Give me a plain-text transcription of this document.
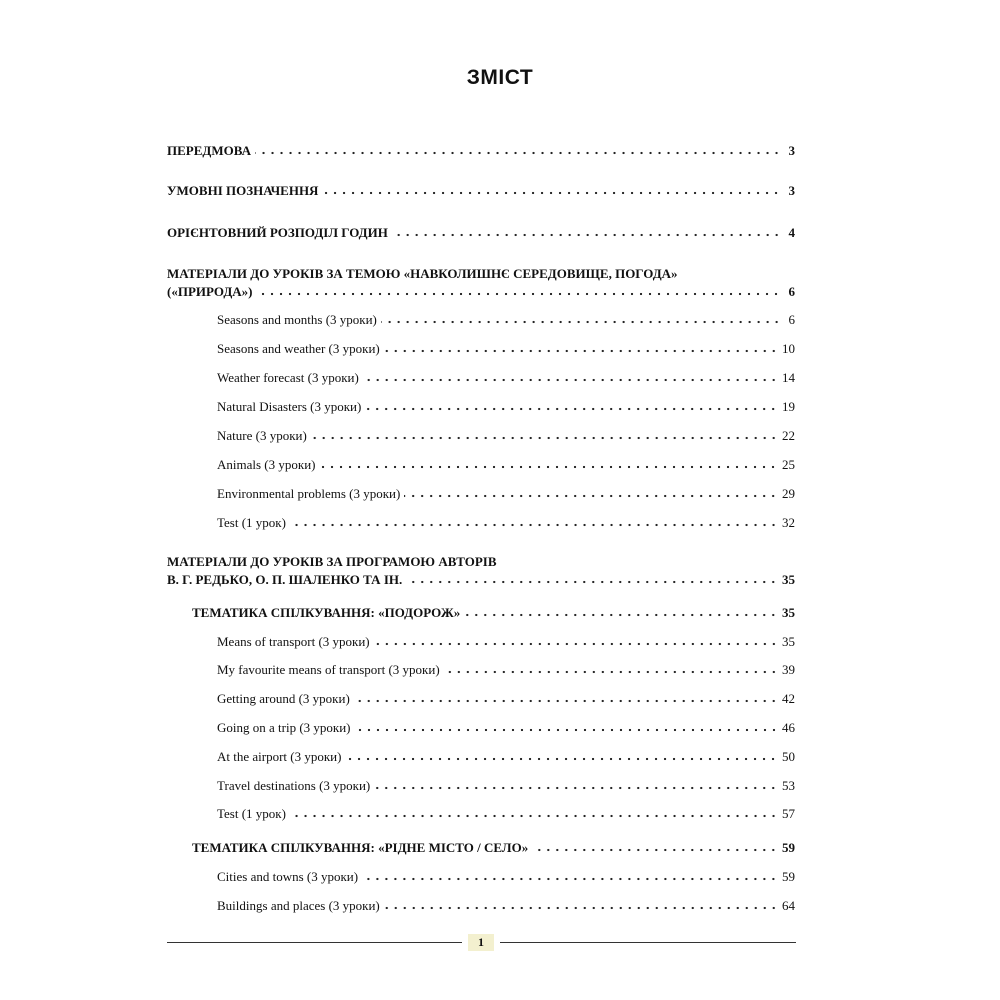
ЗМІСТ
ПЕРЕДМОВА	3
УМОВНІ ПОЗНАЧЕННЯ	3
ОРІЄНТОВНИЙ РОЗПОДІЛ ГОДИН	4
МАТЕРІАЛИ ДО УРОКІВ ЗА ТЕМОЮ «НАВКОЛИШНЄ СЕРЕДОВИЩЕ, ПОГОДА»
(«ПРИРОДА»)	6
Seasons and months (3 уроки)	6
Seasons and weather (3 уроки)	10
Weather forecast (3 уроки)	14
Natural Disasters (3 уроки)	19
Nature (3 уроки)	22
Animals (3 уроки)	25
Environmental problems (3 уроки)	29
Test (1 урок)	32
МАТЕРІАЛИ ДО УРОКІВ ЗА ПРОГРАМОЮ АВТОРІВ
В. Г. РЕДЬКО, О. П. ШАЛЕНКО ТА ІН.	35
ТЕМАТИКА СПІЛКУВАННЯ: «ПОДОРОЖ»	35
Means of transport (3 уроки)	35
My favourite means of transport (3 уроки)	39
Getting around (3 уроки)	42
Going on a trip (3 уроки)	46
At the airport (3 уроки)	50
Travel destinations (3 уроки)	53
Test (1 урок)	57
ТЕМАТИКА СПІЛКУВАННЯ: «РІДНЕ МІСТО / СЕЛО»	59
Cities and towns (3 уроки)	59
Buildings and places (3 уроки)	64
1
